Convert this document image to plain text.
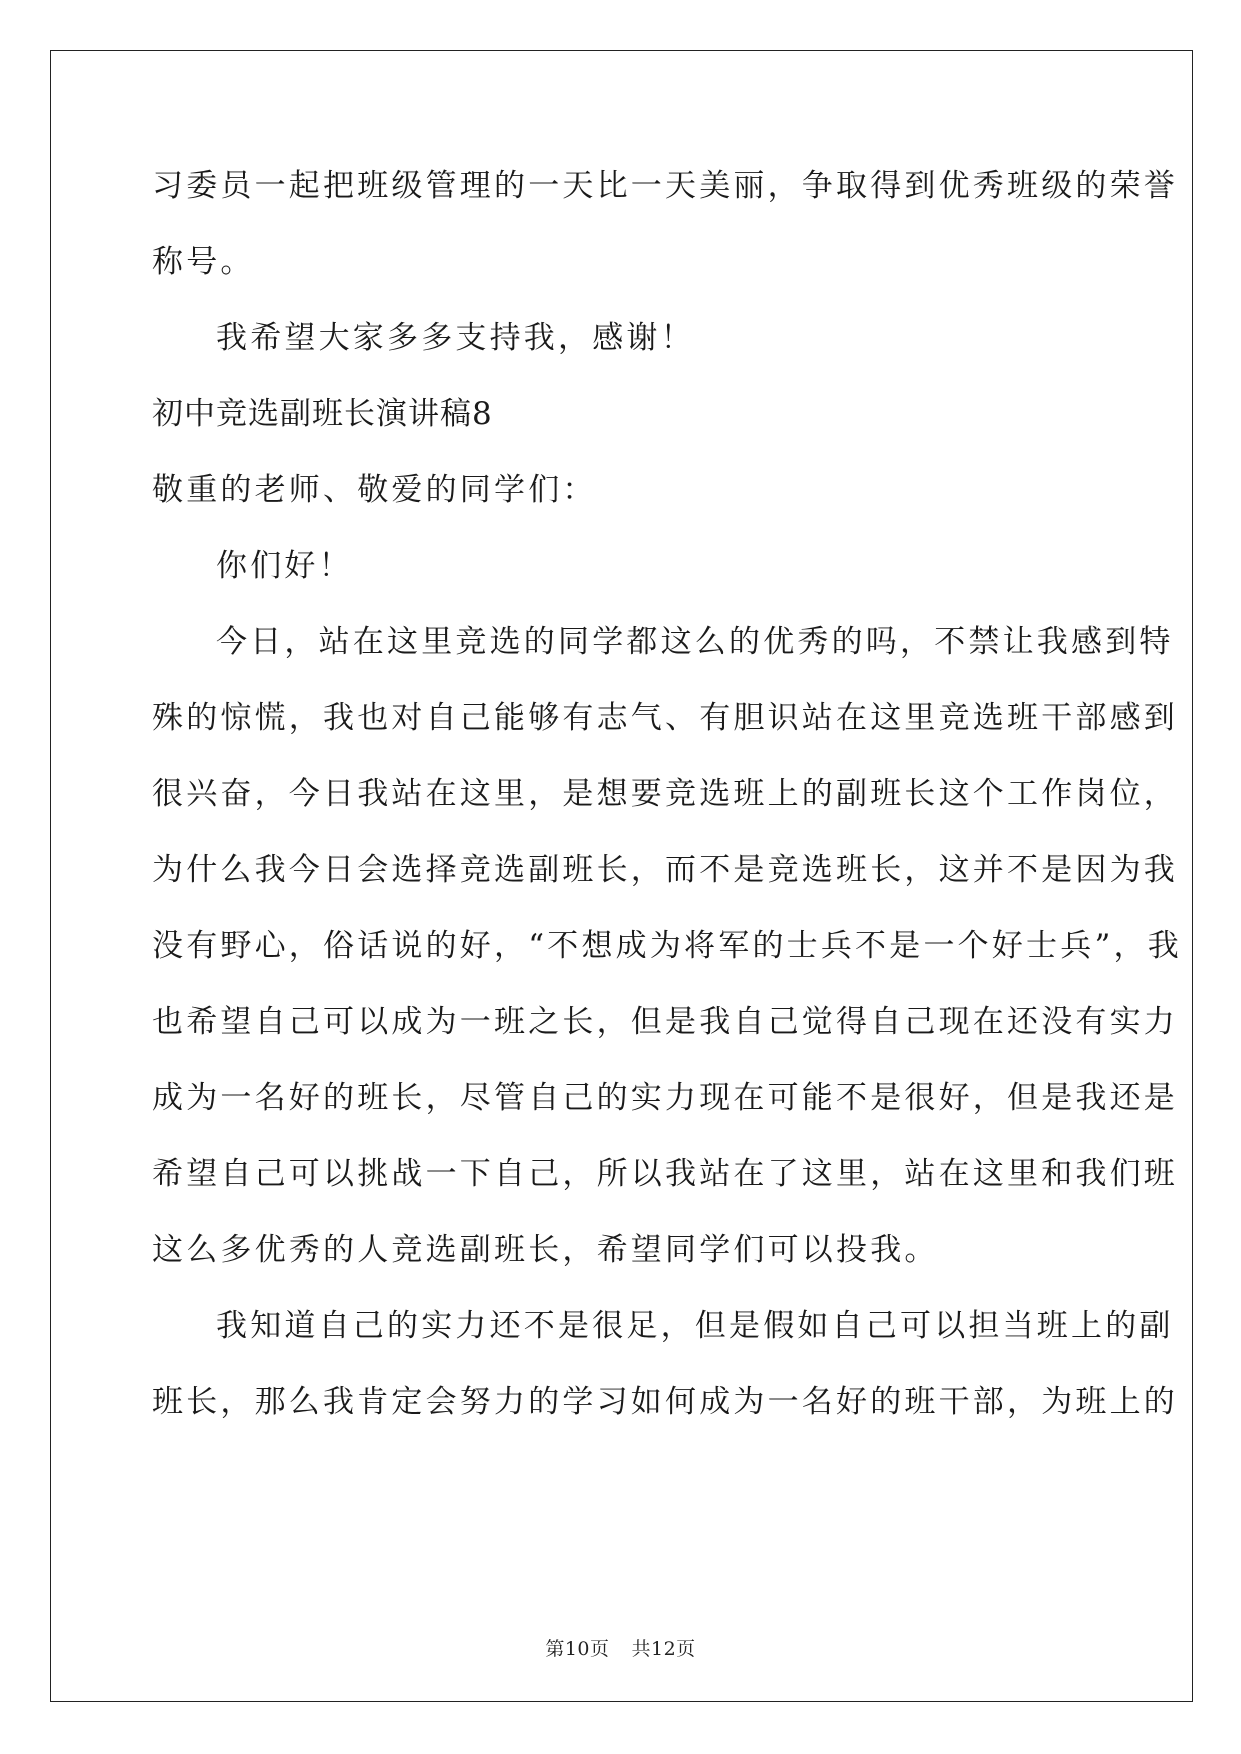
习委员一起把班级管理的一天比一天美丽，争取得到优秀班级的荣誉
称号。
我希望大家多多支持我，感谢！
初中竞选副班长演讲稿8
敬重的老师、敬爱的同学们：
你们好！
今日，站在这里竞选的同学都这么的优秀的吗，不禁让我感到特
殊的惊慌，我也对自己能够有志气、有胆识站在这里竞选班干部感到
很兴奋，今日我站在这里，是想要竞选班上的副班长这个工作岗位，
为什么我今日会选择竞选副班长，而不是竞选班长，这并不是因为我
没有野心，俗话说的好，“不想成为将军的士兵不是一个好士兵”，我
也希望自己可以成为一班之长，但是我自己觉得自己现在还没有实力
成为一名好的班长，尽管自己的实力现在可能不是很好，但是我还是
希望自己可以挑战一下自己，所以我站在了这里，站在这里和我们班
这么多优秀的人竞选副班长，希望同学们可以投我。
我知道自己的实力还不是很足，但是假如自己可以担当班上的副
班长，那么我肯定会努力的学习如何成为一名好的班干部，为班上的
第10页 共12页
